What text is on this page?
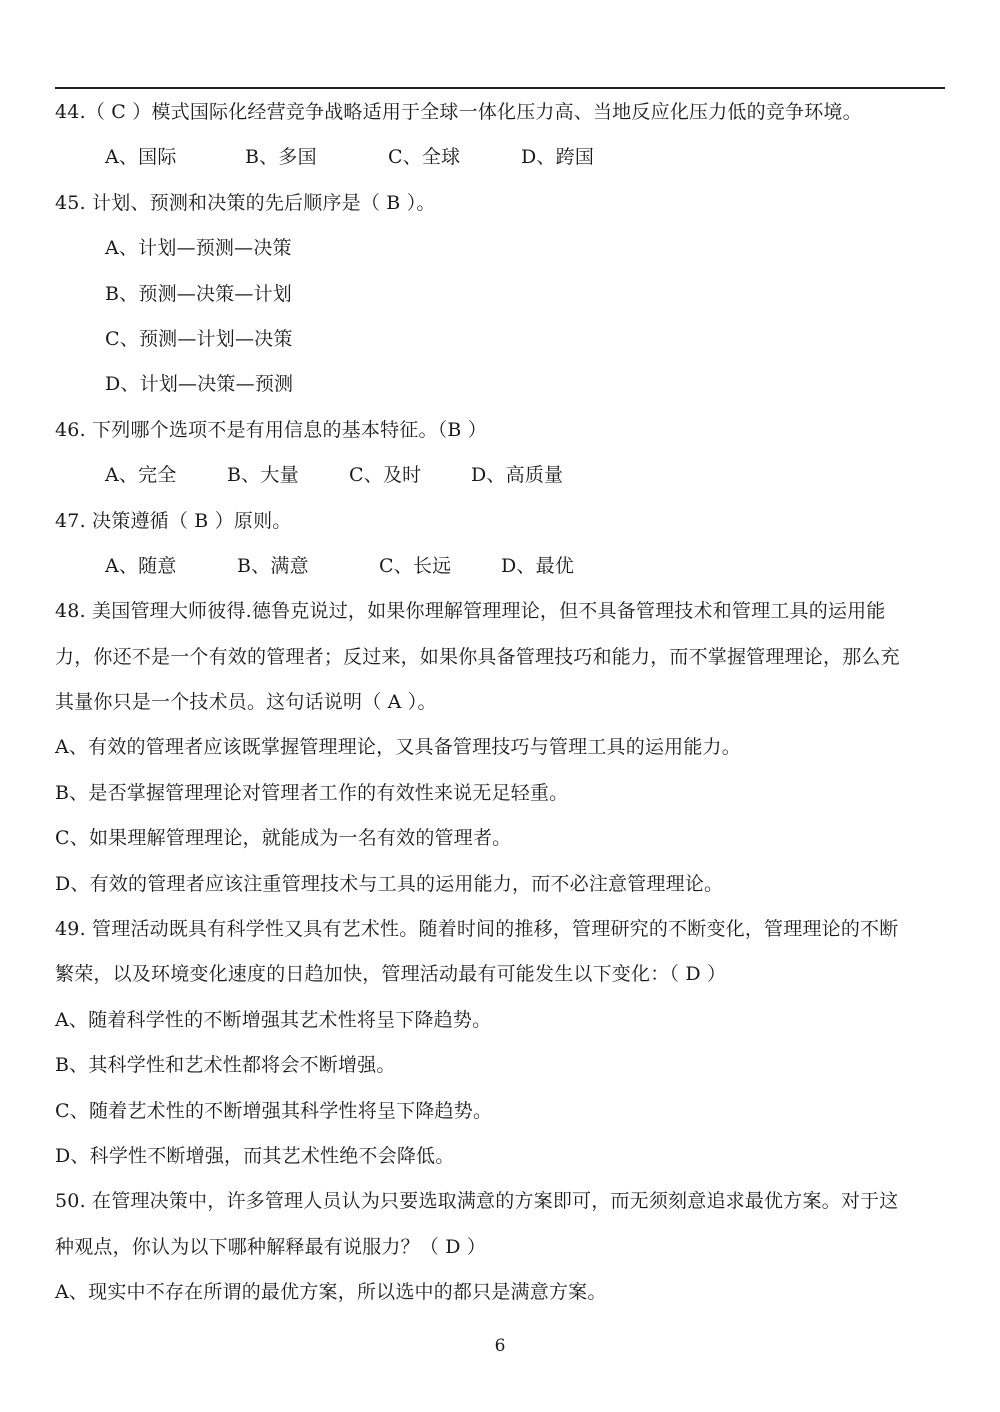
44.（ C ）模式国际化经营竞争战略适用于全球一体化压力高、当地反应化压力低的竞争环境。
A、国际	B、多国	C、全球	D、跨国
45. 计划、预测和决策的先后顺序是（ B ）。
A、计划—预测—决策
B、预测—决策—计划
C、预测—计划—决策
D、计划—决策—预测
46. 下列哪个选项不是有用信息的基本特征。（B ）
A、完全	B、大量	C、及时	D、高质量
47. 决策遵循（ B ）原则。
A、随意	B、满意	C、长远	D、最优
48. 美国管理大师彼得.德鲁克说过，如果你理解管理理论，但不具备管理技术和管理工具的运用能
力，你还不是一个有效的管理者；反过来，如果你具备管理技巧和能力，而不掌握管理理论，那么充
其量你只是一个技术员。这句话说明（ A ）。
A、有效的管理者应该既掌握管理理论，又具备管理技巧与管理工具的运用能力。
B、是否掌握管理理论对管理者工作的有效性来说无足轻重。
C、如果理解管理理论，就能成为一名有效的管理者。
D、有效的管理者应该注重管理技术与工具的运用能力，而不必注意管理理论。
49. 管理活动既具有科学性又具有艺术性。随着时间的推移，管理研究的不断变化，管理理论的不断
繁荣，以及环境变化速度的日趋加快，管理活动最有可能发生以下变化：（ D ）
A、随着科学性的不断增强其艺术性将呈下降趋势。
B、其科学性和艺术性都将会不断增强。
C、随着艺术性的不断增强其科学性将呈下降趋势。
D、科学性不断增强，而其艺术性绝不会降低。
50. 在管理决策中，许多管理人员认为只要选取满意的方案即可，而无须刻意追求最优方案。对于这
种观点，你认为以下哪种解释最有说服力？（ D ）
A、现实中不存在所谓的最优方案，所以选中的都只是满意方案。
6
